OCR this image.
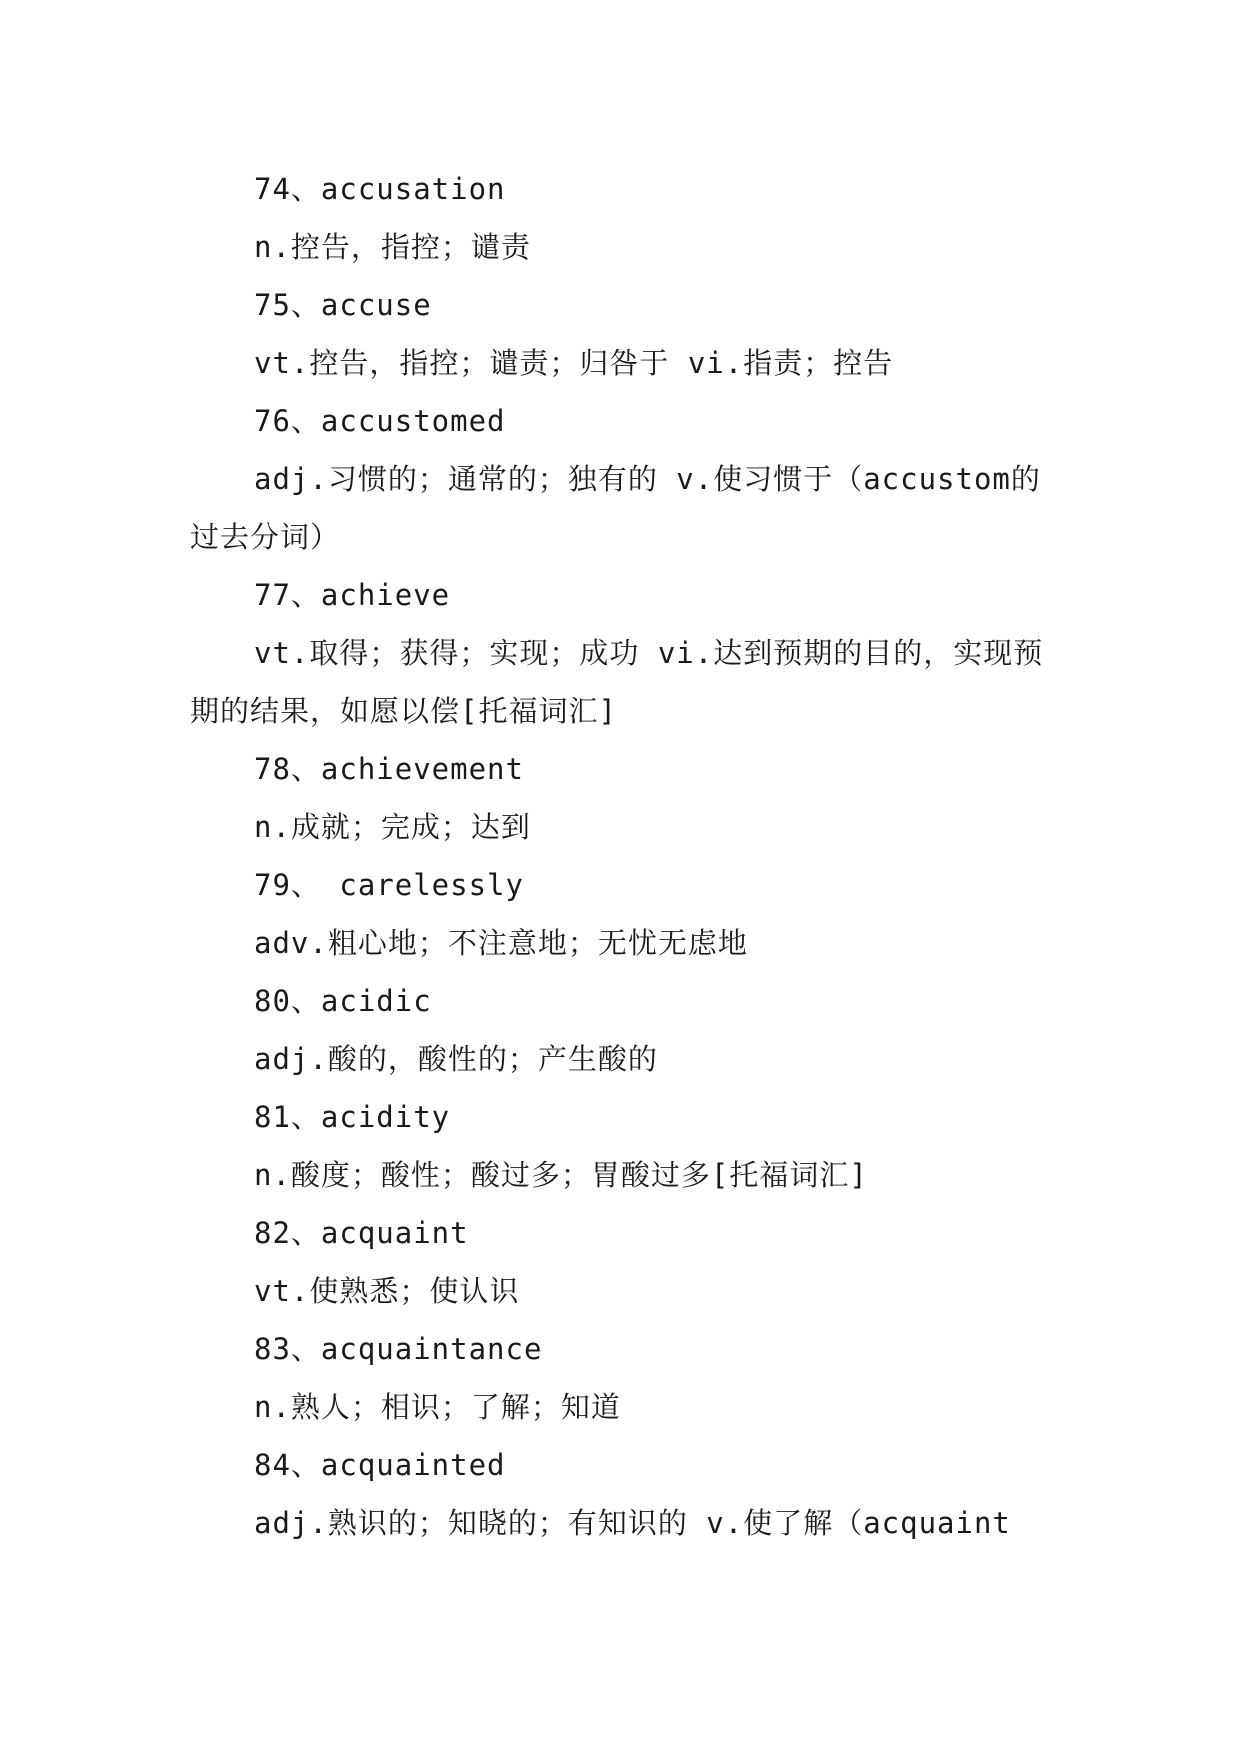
74、accusation
n.控告，指控；谴责
75、accuse
vt.控告，指控；谴责；归咎于 vi.指责；控告
76、accustomed
adj.习惯的；通常的；独有的 v.使习惯于（accustom的过去分词）
77、achieve
vt.取得；获得；实现；成功 vi.达到预期的目的，实现预期的结果，如愿以偿[托福词汇]
78、achievement
n.成就；完成；达到
79、 carelessly
adv.粗心地；不注意地；无忧无虑地
80、acidic
adj.酸的，酸性的；产生酸的
81、acidity
n.酸度；酸性；酸过多；胃酸过多[托福词汇]
82、acquaint
vt.使熟悉；使认识
83、acquaintance
n.熟人；相识；了解；知道
84、acquainted
adj.熟识的；知晓的；有知识的 v.使了解（acquaint
